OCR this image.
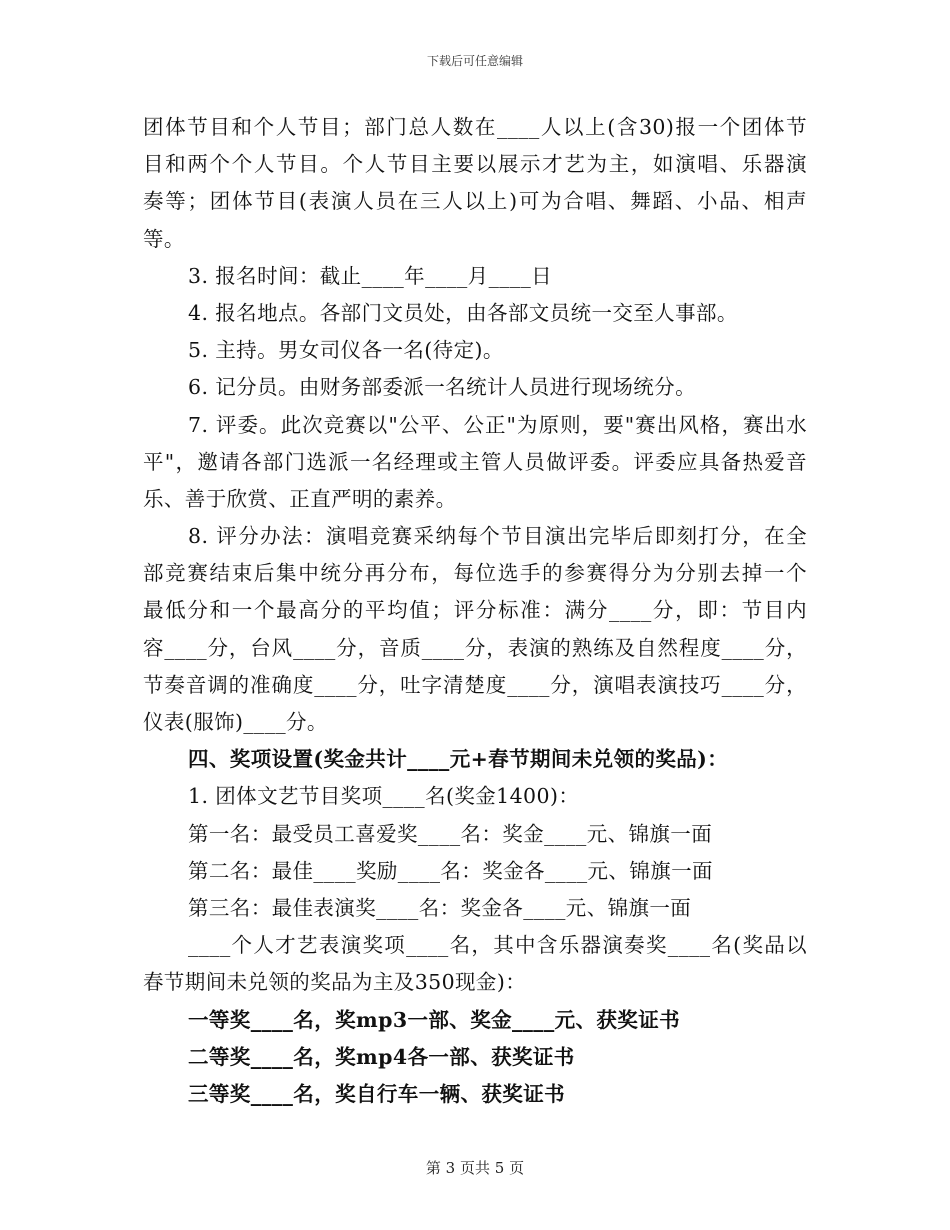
下载后可任意编辑
团体节目和个人节目；部门总人数在____人以上(含30)报一个团体节
目和两个个人节目。个人节目主要以展示才艺为主，如演唱、乐器演
奏等；团体节目(表演人员在三人以上)可为合唱、舞蹈、小品、相声
等。
3. 报名时间：截止____年____月____日
4. 报名地点。各部门文员处，由各部文员统一交至人事部。
5. 主持。男女司仪各一名(待定)。
6. 记分员。由财务部委派一名统计人员进行现场统分。
7. 评委。此次竞赛以"公平、公正"为原则，要"赛出风格，赛出水
平"，邀请各部门选派一名经理或主管人员做评委。评委应具备热爱音
乐、善于欣赏、正直严明的素养。
8. 评分办法：演唱竞赛采纳每个节目演出完毕后即刻打分，在全
部竞赛结束后集中统分再分布，每位选手的参赛得分为分别去掉一个
最低分和一个最高分的平均值；评分标准：满分____分，即：节目内
容____分，台风____分，音质____分，表演的熟练及自然程度____分，
节奏音调的准确度____分，吐字清楚度____分，演唱表演技巧____分，
仪表(服饰)____分。
四、奖项设置(奖金共计____元+春节期间未兑领的奖品)：
1. 团体文艺节目奖项____名(奖金1400)：
第一名：最受员工喜爱奖____名：奖金____元、锦旗一面
第二名：最佳____奖励____名：奖金各____元、锦旗一面
第三名：最佳表演奖____名：奖金各____元、锦旗一面
____个人才艺表演奖项____名，其中含乐器演奏奖____名(奖品以
春节期间未兑领的奖品为主及350现金)：
一等奖____名，奖mp3一部、奖金____元、获奖证书
二等奖____名，奖mp4各一部、获奖证书
三等奖____名，奖自行车一辆、获奖证书
第 3 页共 5 页
